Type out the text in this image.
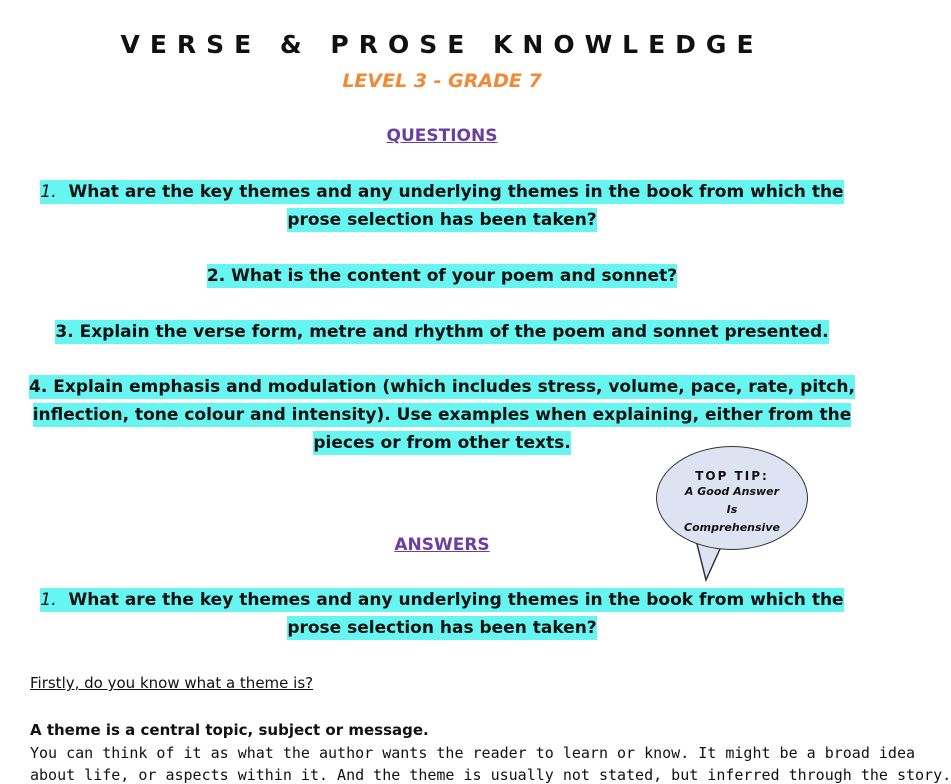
VERSE & PROSE KNOWLEDGE
LEVEL 3 - GRADE 7
QUESTIONS
1. What are the key themes and any underlying themes in the book from which the
prose selection has been taken?
2. What is the content of your poem and sonnet?
3. Explain the verse form, metre and rhythm of the poem and sonnet presented.
4. Explain emphasis and modulation (which includes stress, volume, pace, rate, pitch,
inflection, tone colour and intensity). Use examples when explaining, either from the
pieces or from other texts.
TOP TIP:
A Good Answer
Is
Comprehensive
ANSWERS
1. What are the key themes and any underlying themes in the book from which the
prose selection has been taken?
Firstly, do you know what a theme is?
A theme is a central topic, subject or message.
You can think of it as what the author wants the reader to learn or know. It might be a broad idea
about life, or aspects within it. And the theme is usually not stated, but inferred through the story.
